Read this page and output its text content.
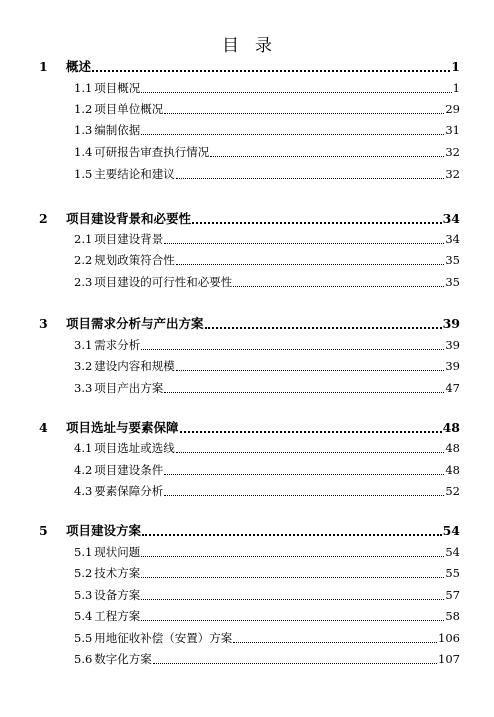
目 录
1	概述	1
1.1 项目概况	1
1.2 项目单位概况	29
1.3 编制依据	31
1.4 可研报告审查执行情况	32
1.5 主要结论和建议	32
2	项目建设背景和必要性	34
2.1 项目建设背景	34
2.2 规划政策符合性	35
2.3 项目建设的可行性和必要性	35
3	项目需求分析与产出方案	39
3.1 需求分析	39
3.2 建设内容和规模	39
3.3 项目产出方案	47
4	项目选址与要素保障	48
4.1 项目选址或选线	48
4.2 项目建设条件	48
4.3 要素保障分析	52
5	项目建设方案	54
5.1 现状问题	54
5.2 技术方案	55
5.3 设备方案	57
5.4 工程方案	58
5.5 用地征收补偿（安置）方案	106
5.6 数字化方案	107
